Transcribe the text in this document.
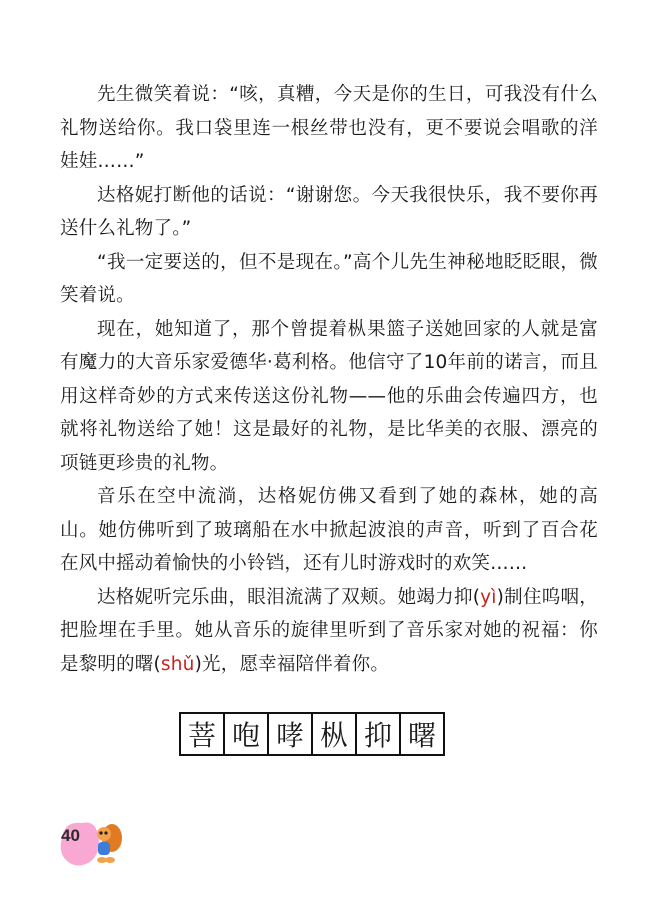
先生微笑着说：“咳，真糟，今天是你的生日，可我没有什么礼物送给你。我口袋里连一根丝带也没有，更不要说会唱歌的洋娃娃……”

达格妮打断他的话说：“谢谢您。今天我很快乐，我不要你再送什么礼物了。”

“我一定要送的，但不是现在。”高个儿先生神秘地眨眨眼，微笑着说。

现在，她知道了，那个曾提着枞果篮子送她回家的人就是富有魔力的大音乐家爱德华·葛利格。他信守了10年前的诺言，而且用这样奇妙的方式来传送这份礼物——他的乐曲会传遍四方，也就将礼物送给了她！这是最好的礼物，是比华美的衣服、漂亮的项链更珍贵的礼物。

音乐在空中流淌，达格妮仿佛又看到了她的森林，她的高山。她仿佛听到了玻璃船在水中掀起波浪的声音，听到了百合花在风中摇动着愉快的小铃铛，还有儿时游戏时的欢笑……

达格妮听完乐曲，眼泪流满了双颊。她竭力抑(yì)制住呜咽，把脸埋在手里。她从音乐的旋律里听到了音乐家对她的祝福：你是黎明的曙(shǔ)光，愿幸福陪伴着你。

菩 咆 哮 枞 抑 曙
40
